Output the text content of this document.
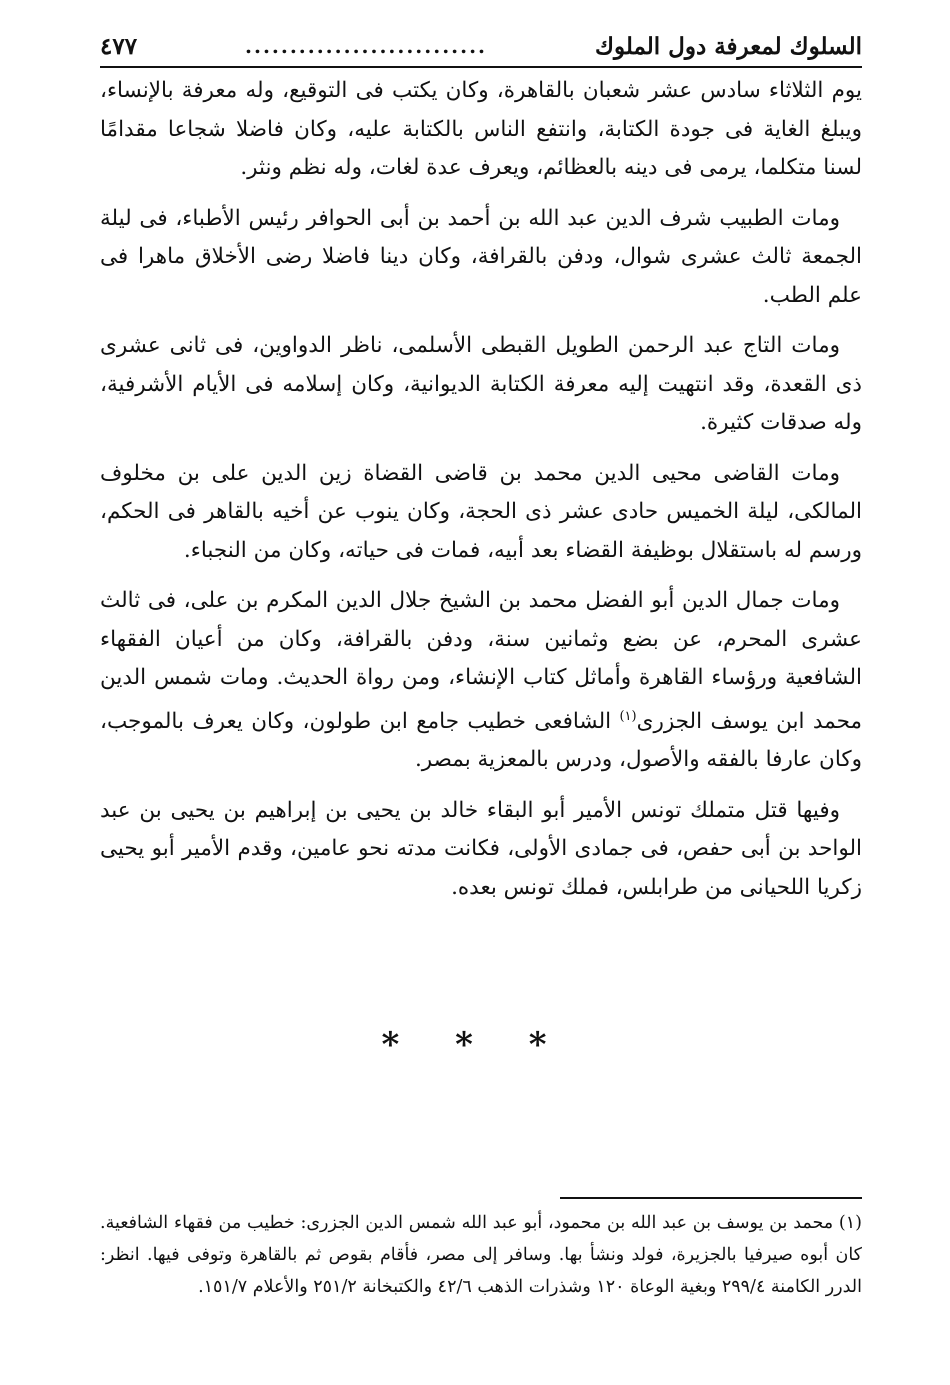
السلوك لمعرفة دول الملوك
...........................
٤٧٧

يوم الثلاثاء سادس عشر شعبان بالقاهرة، وكان يكتب فى التوقيع، وله معرفة بالإنساء، ويبلغ الغاية فى جودة الكتابة، وانتفع الناس بالكتابة عليه، وكان فاضلا شجاعا مقدامًا لسنا متكلما، يرمى فى دينه بالعظائم، ويعرف عدة لغات، وله نظم ونثر.

ومات الطبيب شرف الدين عبد الله بن أحمد بن أبى الحوافر رئيس الأطباء، فى ليلة الجمعة ثالث عشرى شوال، ودفن بالقرافة، وكان دينا فاضلا رضى الأخلاق ماهرا فى علم الطب.

ومات التاج عبد الرحمن الطويل القبطى الأسلمى، ناظر الدواوين، فى ثانى عشرى ذى القعدة، وقد انتهيت إليه معرفة الكتابة الديوانية، وكان إسلامه فى الأيام الأشرفية، وله صدقات كثيرة.

ومات القاضى محيى الدين محمد بن قاضى القضاة زين الدين على بن مخلوف المالكى، ليلة الخميس حادى عشر ذى الحجة، وكان ينوب عن أخيه بالقاهر فى الحكم، ورسم له باستقلال بوظيفة القضاء بعد أبيه، فمات فى حياته، وكان من النجباء.

ومات جمال الدين أبو الفضل محمد بن الشيخ جلال الدين المكرم بن على، فى ثالث عشرى المحرم، عن بضع وثمانين سنة، ودفن بالقرافة، وكان من أعيان الفقهاء الشافعية ورؤساء القاهرة وأماثل كتاب الإنشاء، ومن رواة الحديث. ومات شمس الدين محمد ابن يوسف الجزرى$^{(١)}$ الشافعى خطيب جامع ابن طولون، وكان يعرف بالموجب، وكان عارفا بالفقه والأصول، ودرس بالمعزية بمصر.

وفيها قتل متملك تونس الأمير أبو البقاء خالد بن يحيى بن إبراهيم بن يحيى بن عبد الواحد بن أبى حفص، فى جمادى الأولى، فكانت مدته نحو عامين، وقدم الأمير أبو يحيى زكريا اللحيانى من طرابلس، فملك تونس بعده.

* * *

(١) محمد بن يوسف بن عبد الله بن محمود، أبو عبد الله شمس الدين الجزرى: خطيب من فقهاء الشافعية. كان أبوه صيرفيا بالجزيرة، فولد ونشأ بها. وسافر إلى مصر، فأقام بقوص ثم بالقاهرة وتوفى فيها. انظر: الدرر الكامنة ٢٩٩/٤ وبغية الوعاة ١٢٠ وشذرات الذهب ٤٢/٦ والكتبخانة ٢٥١/٢ والأعلام ١٥١/٧.
